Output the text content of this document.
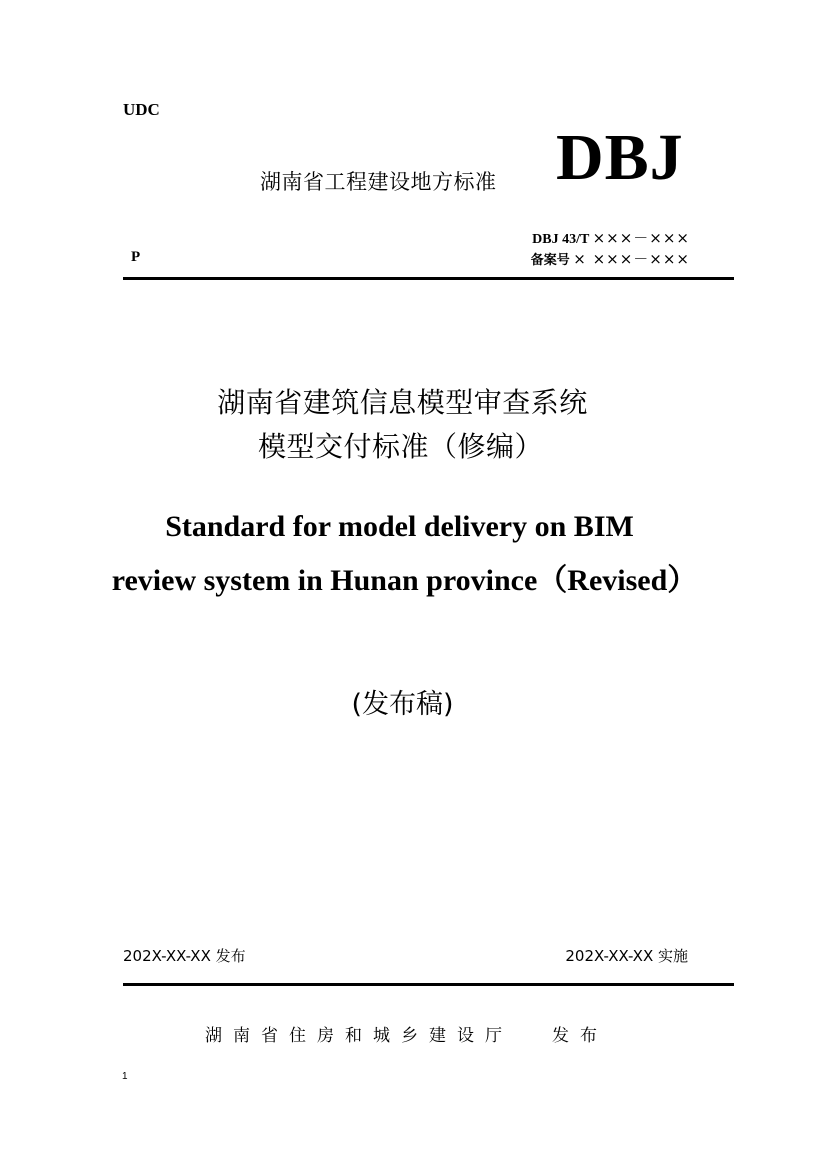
UDC
湖南省工程建设地方标准 DBJ
DBJ 43/T ×××－×××
备案号 × ×××－×××
P
湖南省建筑信息模型审查系统
模型交付标准（修编）
Standard for model delivery on BIM
review system in Hunan province（Revised）
(发布稿)
202X-XX-XX 发布	202X-XX-XX 实施
湖南省住房和城乡建设厅 发布
1
